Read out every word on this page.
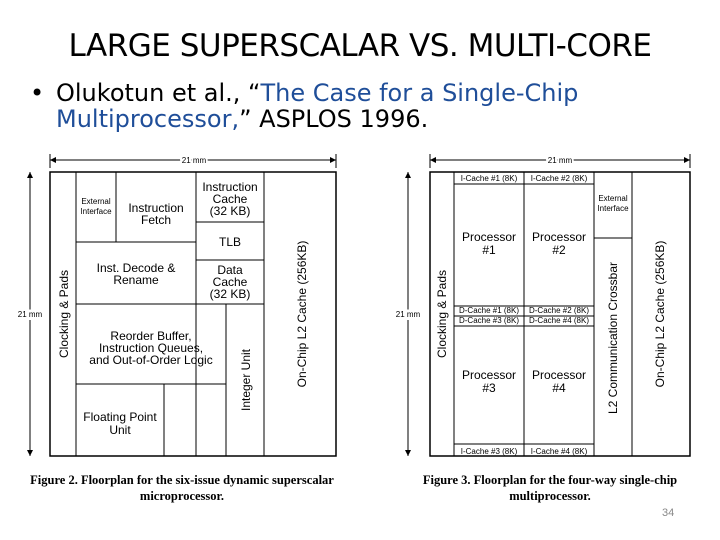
LARGE SUPERSCALAR VS. MULTI-CORE
• Olukotun et al., “The Case for a Single-Chip
Multiprocessor,” ASPLOS 1996.
21 mm
21 mm Clocking & Pads
External
Interface Instruction
Fetch
Instruction
Cache
(32 KB)
TLB
Inst. Decode &
Rename
Data
Cache
(32 KB)
Reorder Buffer,
Instruction Queues,
and Out-of-Order Logic Integer Unit
Floating Point
Unit
On-Chip L2 Cache (256KB)
Figure 2. Floorplan for the six-issue dynamic superscalar
microprocessor.
21 mm
21 mm
I-Cache #1 (8K) I-Cache #2 (8K)
D-Cache #1 (8K) D-Cache #2 (8K)
D-Cache #3 (8K) D-Cache #4 (8K)
I-Cache #3 (8K) I-Cache #4 (8K)
External
Interface
Clocking & Pads
Processor
#1
Processor
#2
Processor
#3
Processor
#4	L2 Communication Crossbar	On-Chip L2 Cache (256KB)
Figure 3. Floorplan for the four-way single-chip
multiprocessor.
34
